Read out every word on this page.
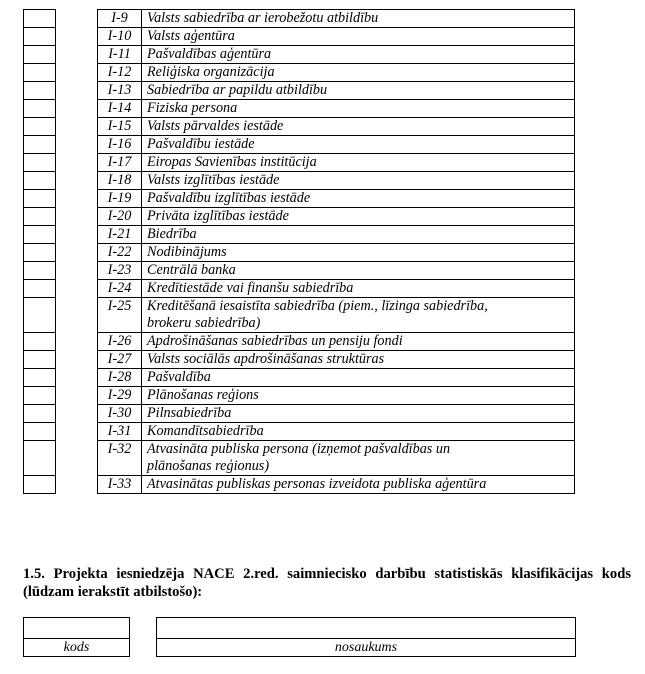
I-9	Valsts sabiedrība ar ierobežotu atbildību

I-10	Valsts aģentūra

I-11	Pašvaldības aģentūra

I-12	Reliģiska organizācija

I-13	Sabiedrība ar papildu atbildību

I-14	Fiziska persona

I-15	Valsts pārvaldes iestāde

I-16	Pašvaldību iestāde

I-17	Eiropas Savienības institūcija

I-18	Valsts izglītības iestāde

I-19	Pašvaldību izglītības iestāde

I-20	Privāta izglītības iestāde

I-21	Biedrība

I-22	Nodibinājums

I-23	Centrālā banka

I-24	Kredītiestāde vai finanšu sabiedrība

I-25	Kreditēšanā iesaistīta sabiedrība (piem., līzinga sabiedrība,
brokeru sabiedrība)

I-26	Apdrošināšanas sabiedrības un pensiju fondi

I-27	Valsts sociālās apdrošināšanas struktūras

I-28	Pašvaldība

I-29	Plānošanas reģions

I-30	Pilnsabiedrība

I-31	Komandītsabiedrība

I-32	Atvasināta publiska persona (izņemot pašvaldības un
plānošanas reģionus)

I-33	Atvasinātas publiskas personas izveidota publiska aģentūra
1.5. Projekta iesniedzēja NACE 2.red. saimnieciskо darbību statistiskās klasifikācijas kods (lūdzam ierakstīt atbilstošo):

kods	nosaukums
